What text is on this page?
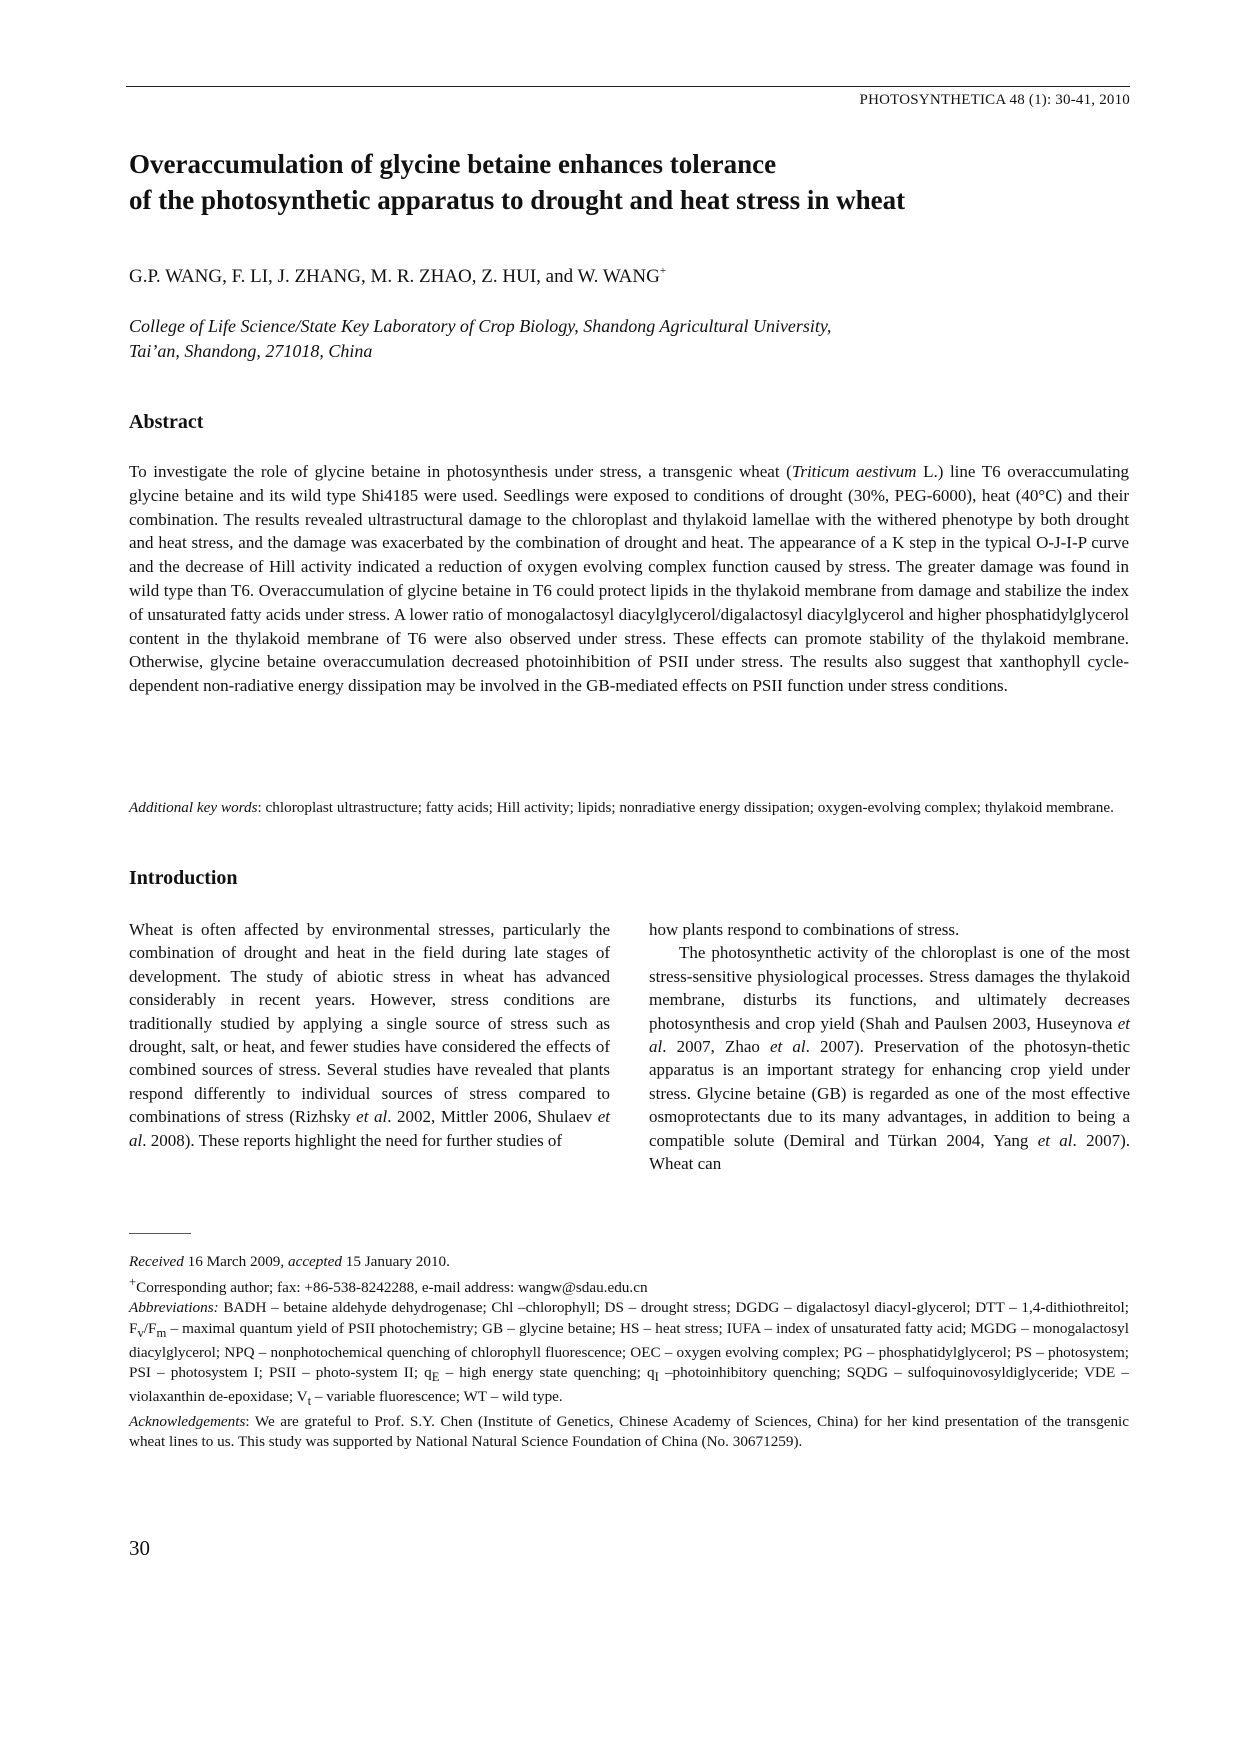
PHOTOSYNTHETICA 48 (1): 30-41, 2010
Overaccumulation of glycine betaine enhances tolerance
of the photosynthetic apparatus to drought and heat stress in wheat
G.P. WANG, F. LI, J. ZHANG, M. R. ZHAO, Z. HUI, and W. WANG+
College of Life Science/State Key Laboratory of Crop Biology, Shandong Agricultural University,
Tai’an, Shandong, 271018, China
Abstract

To investigate the role of glycine betaine in photosynthesis under stress, a transgenic wheat (Triticum aestivum L.) line T6 overaccumulating glycine betaine and its wild type Shi4185 were used. Seedlings were exposed to conditions of drought (30%, PEG-6000), heat (40°C) and their combination. The results revealed ultrastructural damage to the chloroplast and thylakoid lamellae with the withered phenotype by both drought and heat stress, and the damage was exacerbated by the combination of drought and heat. The appearance of a K step in the typical O-J-I-P curve and the decrease of Hill activity indicated a reduction of oxygen evolving complex function caused by stress. The greater damage was found in wild type than T6. Overaccumulation of glycine betaine in T6 could protect lipids in the thylakoid membrane from damage and stabilize the index of unsaturated fatty acids under stress. A lower ratio of monogalactosyl diacylglycerol/digalactosyl diacylglycerol and higher phosphatidylglycerol content in the thylakoid membrane of T6 were also observed under stress. These effects can promote stability of the thylakoid membrane. Otherwise, glycine betaine overaccumulation decreased photoinhibition of PSII under stress. The results also suggest that xanthophyll cycle-dependent non-radiative energy dissipation may be involved in the GB-mediated effects on PSII function under stress conditions.

Additional key words: chloroplast ultrastructure; fatty acids; Hill activity; lipids; nonradiative energy dissipation; oxygen-evolving complex; thylakoid membrane.

Introduction

Wheat is often affected by environmental stresses, particularly the combination of drought and heat in the field during late stages of development. The study of abiotic stress in wheat has advanced considerably in recent years. However, stress conditions are traditionally studied by applying a single source of stress such as drought, salt, or heat, and fewer studies have considered the effects of combined sources of stress. Several studies have revealed that plants respond differently to individual sources of stress compared to combinations of stress (Rizhsky et al. 2002, Mittler 2006, Shulaev et al. 2008). These reports highlight the need for further studies of

how plants respond to combinations of stress.

The photosynthetic activity of the chloroplast is one of the most stress-sensitive physiological processes. Stress damages the thylakoid membrane, disturbs its functions, and ultimately decreases photosynthesis and crop yield (Shah and Paulsen 2003, Huseynova et al. 2007, Zhao et al. 2007). Preservation of the photosyn-thetic apparatus is an important strategy for enhancing crop yield under stress. Glycine betaine (GB) is regarded as one of the most effective osmoprotectants due to its many advantages, in addition to being a compatible solute (Demiral and Türkan 2004, Yang et al. 2007). Wheat can

Received 16 March 2009, accepted 15 January 2010.

+Corresponding author; fax: +86-538-8242288, e-mail address: wangw@sdau.edu.cn

Abbreviations: BADH – betaine aldehyde dehydrogenase; Chl –chlorophyll; DS – drought stress; DGDG – digalactosyl diacyl-glycerol; DTT – 1,4-dithiothreitol; $F_v/F_m$ – maximal quantum yield of PSII photochemistry; GB – glycine betaine; HS – heat stress; IUFA – index of unsaturated fatty acid; MGDG – monogalactosyl diacylglycerol; NPQ – nonphotochemical quenching of chlorophyll fluorescence; OEC – oxygen evolving complex; PG – phosphatidylglycerol; PS – photosystem; PSI – photosystem I; PSII – photo-system II; $q_E$ – high energy state quenching; $q_I$ –photoinhibitory quenching; SQDG – sulfoquinovosyldiglyceride; VDE – violaxanthin de-epoxidase; $V_t$ – variable fluorescence; WT – wild type.

Acknowledgements: We are grateful to Prof. S.Y. Chen (Institute of Genetics, Chinese Academy of Sciences, China) for her kind presentation of the transgenic wheat lines to us. This study was supported by National Natural Science Foundation of China (No. 30671259).

30
